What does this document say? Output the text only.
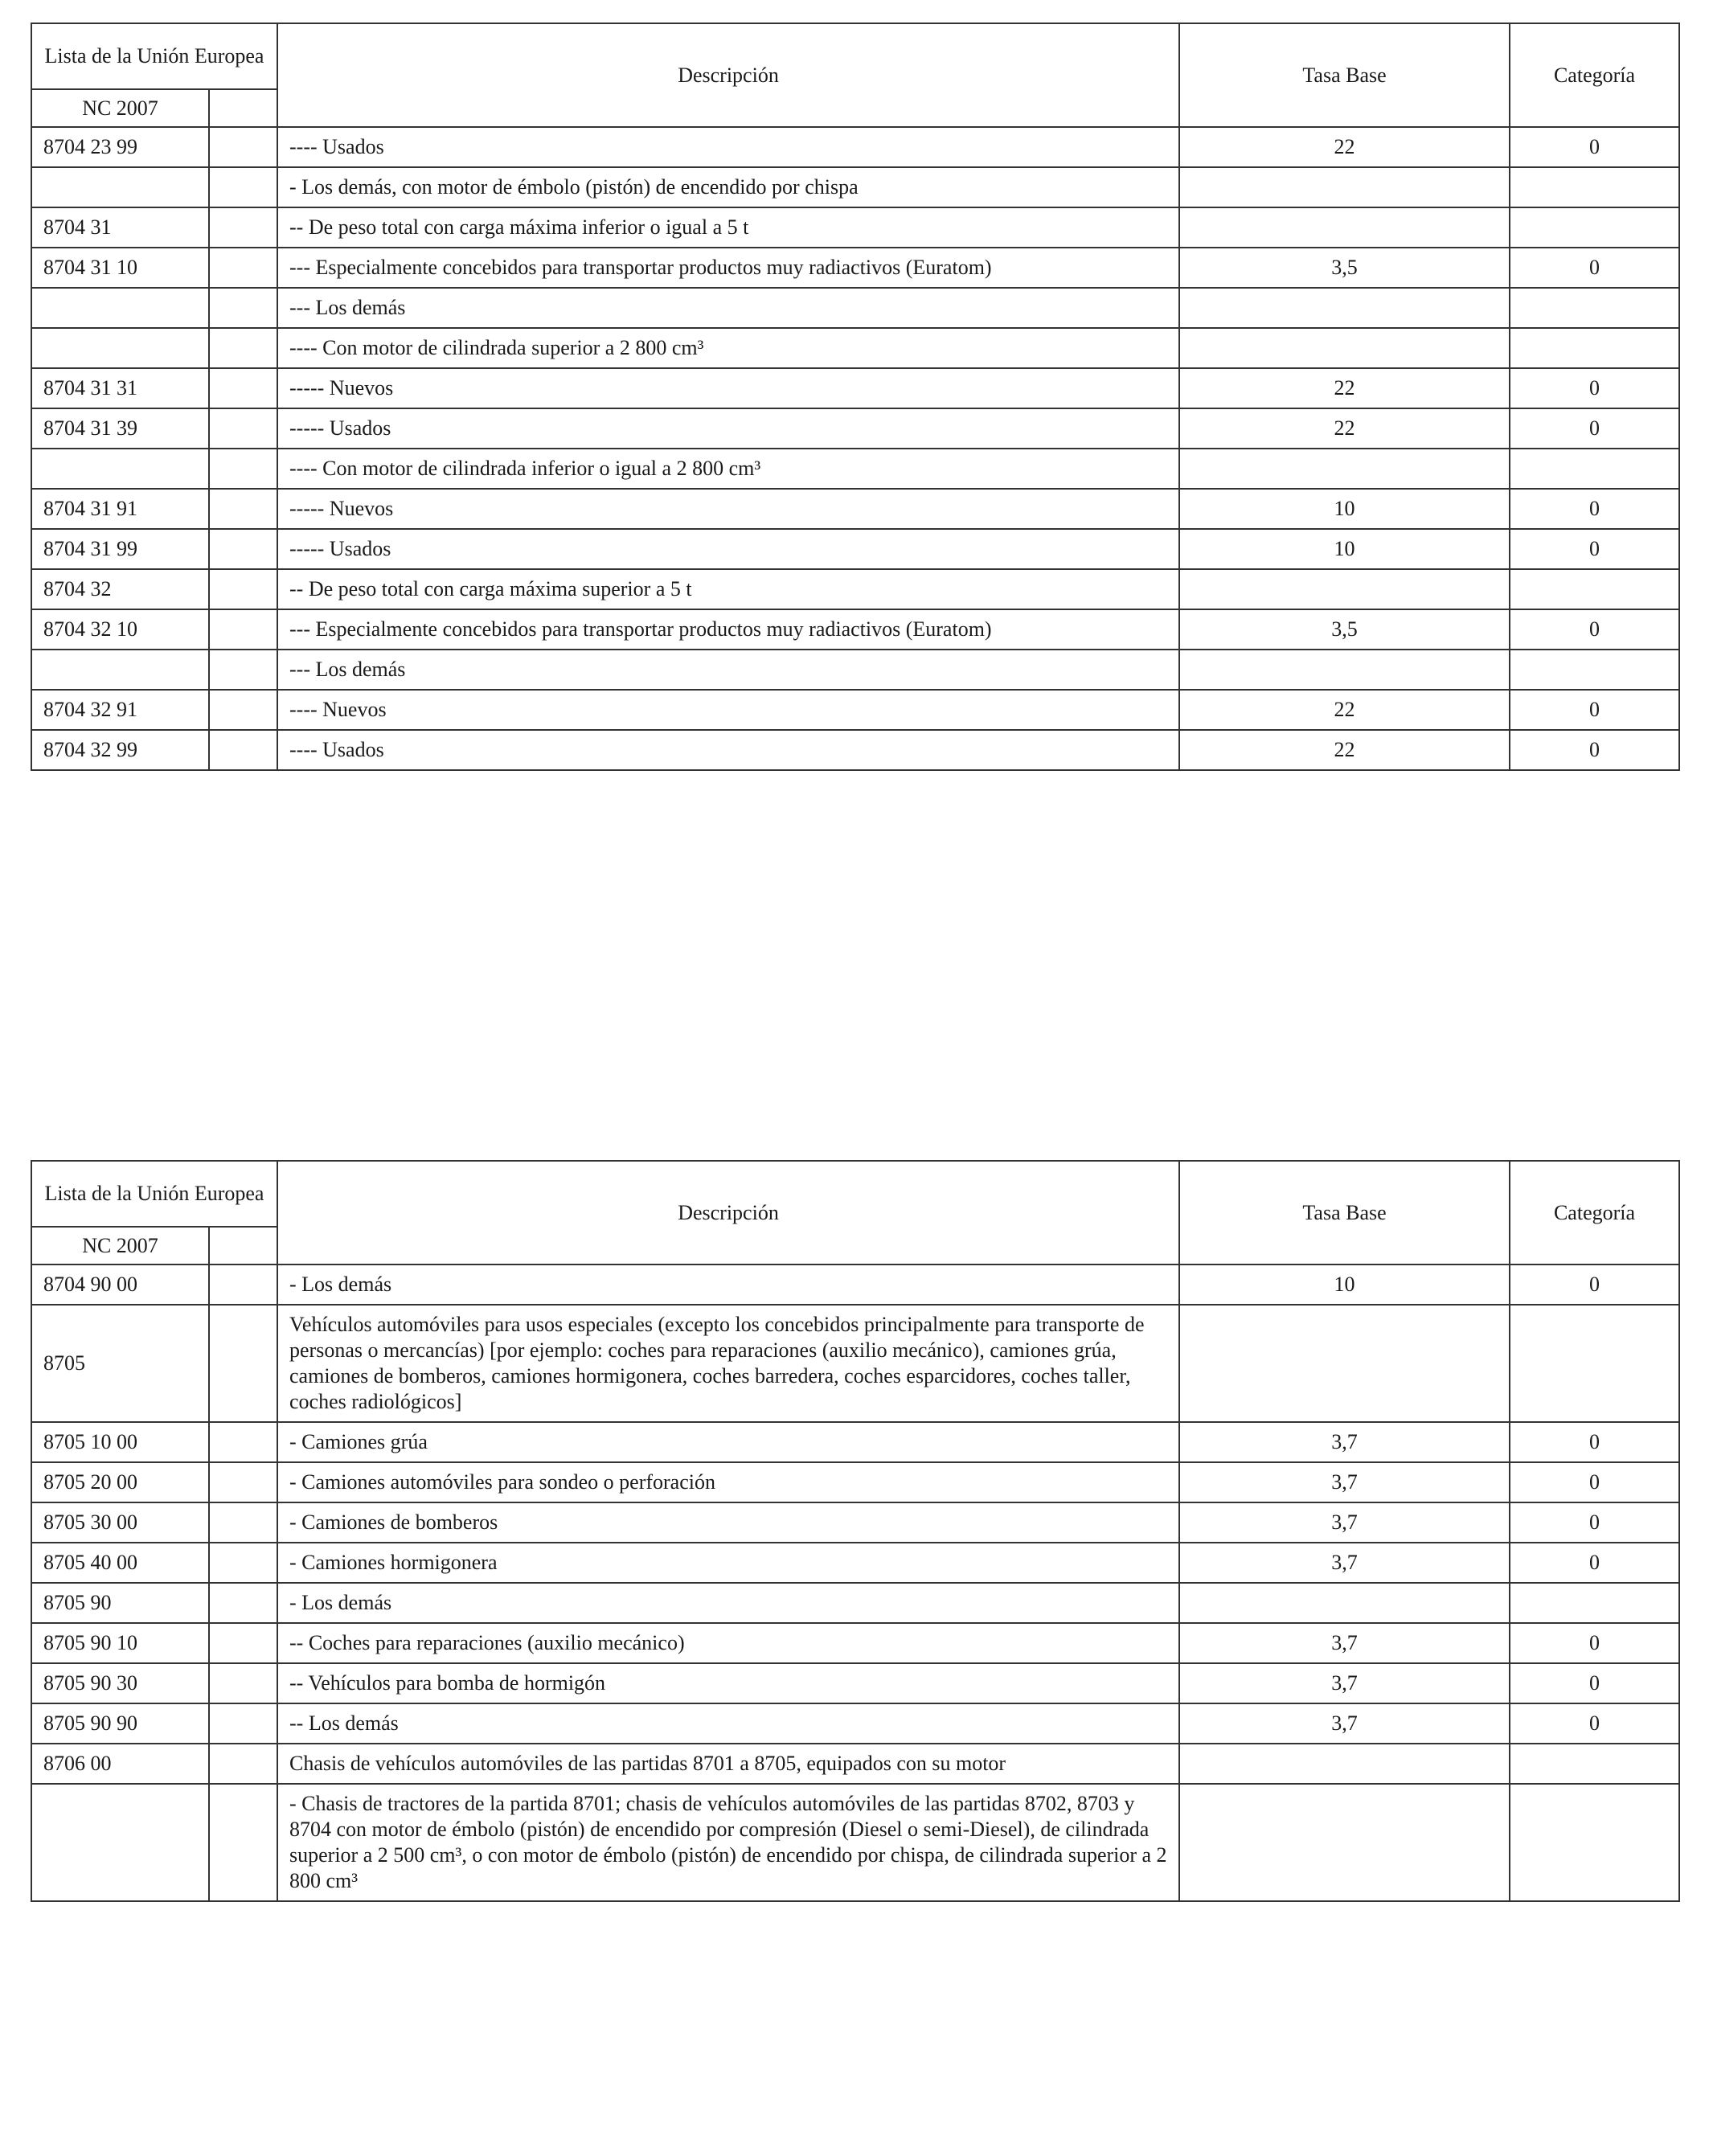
Lista de la Unión Europea		Descripción	Tasa Base	Categoría
NC 2007				
8704 23 99		---- Usados	22	0
		- Los demás, con motor de émbolo (pistón) de encendido por chispa		
8704 31		-- De peso total con carga máxima inferior o igual a 5 t		
8704 31 10		--- Especialmente concebidos para transportar productos muy radiactivos (Euratom)	3,5	0
		--- Los demás		
		---- Con motor de cilindrada superior a 2 800 cm³		
8704 31 31		----- Nuevos	22	0
8704 31 39		----- Usados	22	0
		---- Con motor de cilindrada inferior o igual a 2 800 cm³		
8704 31 91		----- Nuevos	10	0
8704 31 99		----- Usados	10	0
8704 32		-- De peso total con carga máxima superior a 5 t		
8704 32 10		--- Especialmente concebidos para transportar productos muy radiactivos (Euratom)	3,5	0
		--- Los demás		
8704 32 91		---- Nuevos	22	0
8704 32 99		---- Usados	22	0
Lista de la Unión Europea		Descripción	Tasa Base	Categoría
NC 2007				
8704 90 00		- Los demás	10	0
8705		Vehículos automóviles para usos especiales (excepto los concebidos principalmente para transporte de personas o mercancías) [por ejemplo: coches para reparaciones (auxilio mecánico), camiones grúa, camiones de bomberos, camiones hormigonera, coches barredera, coches esparcidores, coches taller, coches radiológicos]		
8705 10 00		- Camiones grúa	3,7	0
8705 20 00		- Camiones automóviles para sondeo o perforación	3,7	0
8705 30 00		- Camiones de bomberos	3,7	0
8705 40 00		- Camiones hormigonera	3,7	0
8705 90		- Los demás		
8705 90 10		-- Coches para reparaciones (auxilio mecánico)	3,7	0
8705 90 30		-- Vehículos para bomba de hormigón	3,7	0
8705 90 90		-- Los demás	3,7	0
8706 00		Chasis de vehículos automóviles de las partidas 8701 a 8705, equipados con su motor		
		- Chasis de tractores de la partida 8701; chasis de vehículos automóviles de las partidas 8702, 8703 y 8704 con motor de émbolo (pistón) de encendido por compresión (Diesel o semi-Diesel), de cilindrada superior a 2 500 cm³, o con motor de émbolo (pistón) de encendido por chispa, de cilindrada superior a 2 800 cm³		
